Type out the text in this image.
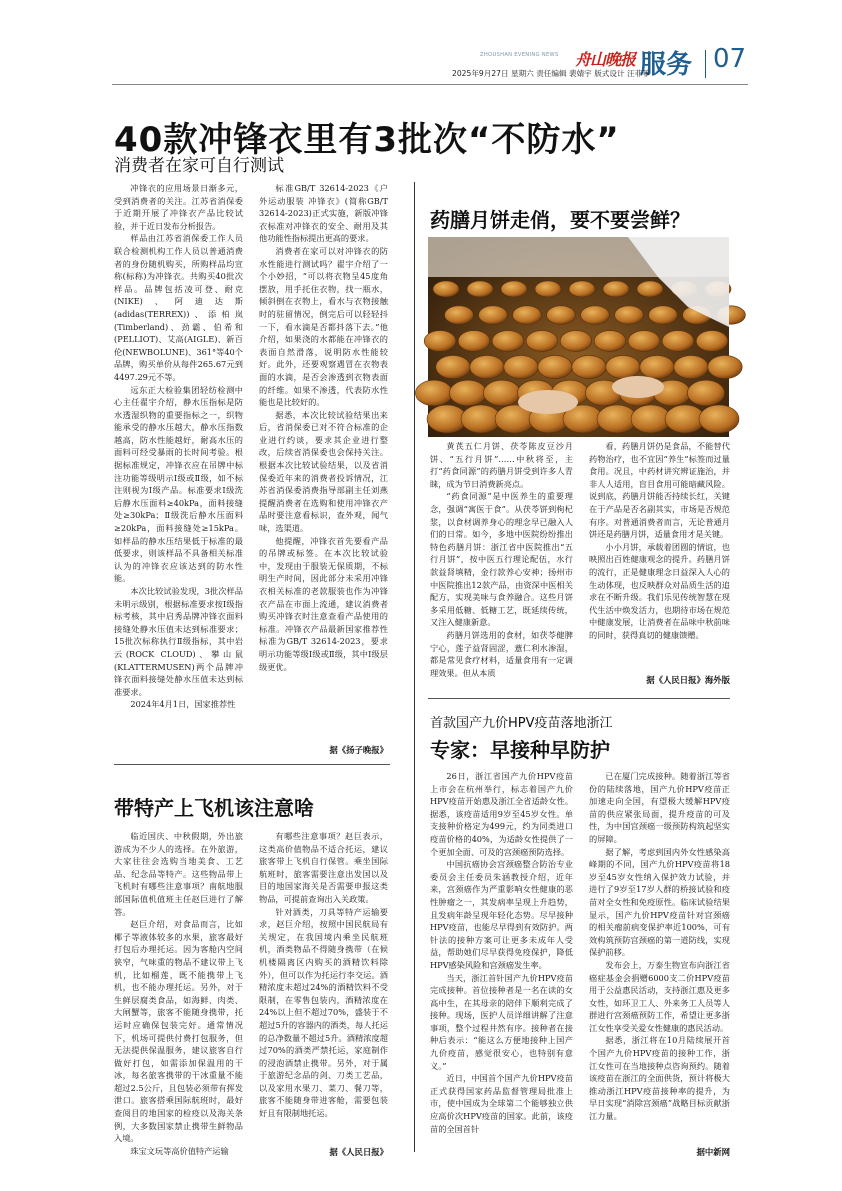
ZHOUSHAN EVENING NEWS 舟山晚报 服务 07
2025年9月27日 星期六 责任编辑 裴婧宇 版式设计 汪菲菲
40款冲锋衣里有3批次“不防水”
消费者在家可自行测试

冲锋衣的应用场景日渐多元，受到消费者的关注。江苏省消保委于近期开展了冲锋衣产品比较试验，并于近日发布分析报告。

样品由江苏省消保委工作人员联合检测机构工作人员以普通消费者的身份随机购买，所购样品均宣称(标称)为冲锋衣。共购买40批次样品。品牌包括凌可登、耐克(NIKE)、阿迪达斯(adidas(TERREX))、添柏岚(Timberland)、劲霸、伯希和(PELLIOT)、艾高(AIGLE)、新百伦(NEWBOLUNE)、361°等40个品牌，购买单价从每件265.67元到4497.29元不等。

远东正大检验集团轻纺检测中心主任翟宇介绍，静水压指标是防水透湿织物的重要指标之一，织物能承受的静水压越大，静水压指数越高，防水性能越好，耐高水压的面料可经受暴雨的长时间考验。根据标准规定，冲锋衣应在吊牌中标注功能等级明示Ⅰ级或Ⅱ级，如不标注则视为Ⅰ级产品。标准要求Ⅰ级洗后静水压面料≥40kPa，面料接缝处≥30kPa；Ⅱ级洗后静水压面料≥20kPa，面料接缝处≥15kPa。如样品的静水压结果低于标准的最低要求，则该样品不具备相关标准认为的冲锋衣应该达到的防水性能。

本次比较试验发现，3批次样品未明示级别，根据标准要求按Ⅰ级指标考核，其中启秀品牌冲锋衣面料接缝处静水压值未达到标准要求；15批次标称执行Ⅱ级指标，其中岩云(ROCK CLOUD)、攀山鼠(KLATTERMUSEN)两个品牌冲锋衣面料接缝处静水压值未达到标准要求。

2024年4月1日，国家推荐性

标准GB/T 32614-2023《户外运动服装 冲锋衣》(简称GB/T 32614-2023)正式实施，新版冲锋衣标准对冲锋衣的安全、耐用及其他功能性指标提出更高的要求。

消费者在家可以对冲锋衣的防水性能进行测试吗？翟宇介绍了一个小妙招，“可以将衣物呈45度角摆放，用手托住衣物，找一瓶水，倾斜倒在衣物上，看水与衣物接触时的驻留情况，倒完后可以轻轻抖一下，看水滴是否都抖落下去。”他介绍，如果浇的水都能在冲锋衣的表面自然滑落，说明防水性能较好。此外，还要观察遇冒在衣物表面的水滴，是否会渗透到衣物表面的纤维。如果不渗透，代表防水性能也是比较好的。

据悉，本次比较试验结果出来后，省消保委已对不符合标准的企业进行约谈，要求其企业进行整改，后续省消保委也会保持关注。根据本次比较试验结果，以及省消保委近年来的消费者投诉情况，江苏省消保委消费指导部副主任刘燕提醒消费者在选购和使用冲锋衣产品时要注意看标识，查外观，闻气味，选渠道。

他提醒，冲锋衣首先要看产品的吊牌或标签。在本次比较试验中，发现由于服装无保质期，不标明生产时间，因此部分未采用冲锋衣相关标准的老款服装也作为冲锋衣产品在市面上流通，建议消费者购买冲锋衣时注意查看产品使用的标准。冲锋衣产品最新国家推荐性标准为GB/T 32614-2023，要求明示功能等级Ⅰ级或Ⅱ级，其中Ⅰ级层级更优。

据《扬子晚报》
药膳月饼走俏，要不要尝鲜？

黄芪五仁月饼、茯苓陈皮豆沙月饼、“五行月饼”……中秋将至，主打“药食同源”的药膳月饼受到许多人青睐，成为节日消费新亮点。

“药食同源”是中医养生的重要理念，强调“寓医于食”。从茯苓饼到枸杞浆，以食材调养身心的理念早已融入人们的日常。如今，多地中医院纷纷推出特色药膳月饼：浙江省中医院推出“五行月饼”，按中医五行理论配伍，水行款益肾填精，金行款养心安神；扬州市中医院推出12款产品，由资深中医相关配方，实现美味与食养融合。这些月饼多采用低糖、低糖工艺，既延续传统，又注入健康新意。

药膳月饼选用的食材，如茯苓健脾宁心，莲子益肾固涩，薏仁利水渗湿，都是常见食疗材料，适量食用有一定调理效果。但从本质

看，药膳月饼仍是食品，不能替代药物治疗，也不宜因“养生”标签而过量食用。况且，中药材讲究辨证施治，并非人人适用，盲目食用可能暗藏风险。说到底，药膳月饼能否持续长红，关键在于产品是否名副其实，市场是否规范有序。对普通消费者而言，无论普通月饼还是药膳月饼，适量食用才是关键。

小小月饼，承载着团圆的情谊，也映照出百姓健康观念的提升。药膳月饼的流行，正是健康理念日益深入人心的生动体现，也反映群众对品质生活的追求在不断升级。我们乐见传统智慧在现代生活中焕发活力，也期待市场在规范中健康发展，让消费者在品味中秋前味的同时，获得真切的健康馈赠。

据《人民日报》海外版
首款国产九价HPV疫苗落地浙江
专家：早接种早防护

26日，浙江省国产九价HPV疫苗上市会在杭州举行，标志着国产九价HPV疫苗开始惠及浙江全省适龄女性。据悉，该疫苗适用9岁至45岁女性。单支接种价格定为499元，约为同类进口疫苗价格的40%，为适龄女性提供了一个更加全面、可及的宫颈癌预防选择。

中国抗癌协会宫颈癌整合防治专业委员会主任委员朱涵教授介绍，近年来，宫颈癌作为严重影响女性健康的恶性肿瘤之一，其发病率呈现上升趋势，且发病年龄呈现年轻化态势。尽早接种HPV疫苗，也能尽早得到有效防护。两针法的接种方案可让更多未成年人受益，帮助她们尽早获得免疫保护，降低HPV感染风险和宫颈癌发生率。

当天，浙江首针国产九价HPV疫苗完成接种。首位接种者是一名在读的女高中生，在其母亲的陪伴下顺利完成了接种。现场，医护人员详细讲解了注意事项，整个过程井然有序。接种者在接种后表示：“能这么方便地接种上国产九价疫苗，感觉很安心，也特别有意义。”

近日，中国首个国产九价HPV疫苗正式获得国家药品监督管理局批准上市，使中国成为全球第二个能够独立供应高价次HPV疫苗的国家。此前，该疫苗的全国首针

已在厦门完成接种。随着浙江等省份的陆续落地，国产九价HPV疫苗正加速走向全国，有望极大缓解HPV疫苗的供应紧张局面，提升疫苗的可及性，为中国宫颈癌一级预防构筑起坚实的屏障。

据了解，考虑到国内外女性感染高峰期的不同，国产九价HPV疫苗将18岁至45岁女性纳入保护效力试验，并进行了9岁至17岁人群的桥接试验和疫苗对全女性和免疫原性。临床试验结果显示，国产九价HPV疫苗针对宫颈癌的相关瘤前病变保护率近100%，可有效构筑预防宫颈癌的第一道防线，实现保护前移。

发布会上，万泰生物宣布向浙江省癌症基金会捐赠6000支二价HPV疫苗用于公益惠民活动，支持浙江惠及更多女性，如环卫工人、外来务工人员等人群进行宫颈癌预防工作，希望让更多浙江女性享受关爱女性健康的惠民活动。

据悉，浙江将在10月陆续展开首个国产九价HPV疫苗的接种工作，浙江女性可在当地接种点咨询预约。随着该疫苗在浙江的全面供货，预计将极大推动浙江HPV疫苗接种率的提升，为早日实现“消除宫颈癌”战略目标贡献浙江力量。

据中新网
带特产上飞机该注意啥

临近国庆、中秋假期，外出旅游成为不少人的选择。在外旅游，大家往往会选购当地美食、工艺品、纪念品等特产。这些物品带上飞机时有哪些注意事项？南航地服部国际值机值班主任赵巨进行了解答。

赵巨介绍，对食品而言，比如椰子等液体较多的水果，旅客最好打包后办理托运。因为客舱内空间狭窄，气味重的物品不建议带上飞机，比如榴莲，既不能携带上飞机，也不能办理托运。另外，对于生鲜层腐类食品，如海鲜、肉类、大闸蟹等，旅客不能随身携带，托运时应确保包装完好。通常情况下，机场可提供付费打包服务，但无法提供保温服务，建议旅客自行做好打包，如需添加保温用的干冰，每名旅客携带的干冰重量不能超过2.5公斤，且包装必须带有挥发泄口。旅客搭乘国际航班时，最好查阅目的地国家的检疫以及海关条例，大多数国家禁止携带生鲜物品入境。

珠宝文玩等高价值特产运输

有哪些注意事项？赵巨表示，这类高价值物品不适合托运，建议旅客带上飞机自行保管。乘坐国际航班时，旅客需要注意出发国以及目的地国家海关是否需要申报这类物品，可提前查询出入关政策。

针对酒类，刀具等特产运输要求，赵巨介绍，按照中国民航局有关规定，在我国境内乘坐民航班机，酒类物品不得随身携带（在候机楼隔离区内购买的酒精饮料除外），但可以作为托运行李交运。酒精浓度未超过24%的酒精饮料不受限制，在零售包装内，酒精浓度在24%以上但不超过70%，盛装于不超过5升的容器内的酒类，每人托运的总净数量不超过5升。酒精浓度超过70%的酒类严禁托运，家庭制作的浸泡酒禁止携带。另外，对于属于旅游纪念品的剑、刀类工艺品，以及家用水果刀、菜刀、餐刀等，旅客不能随身带进客舱，需要包装好且有限制地托运。

据《人民日报》
